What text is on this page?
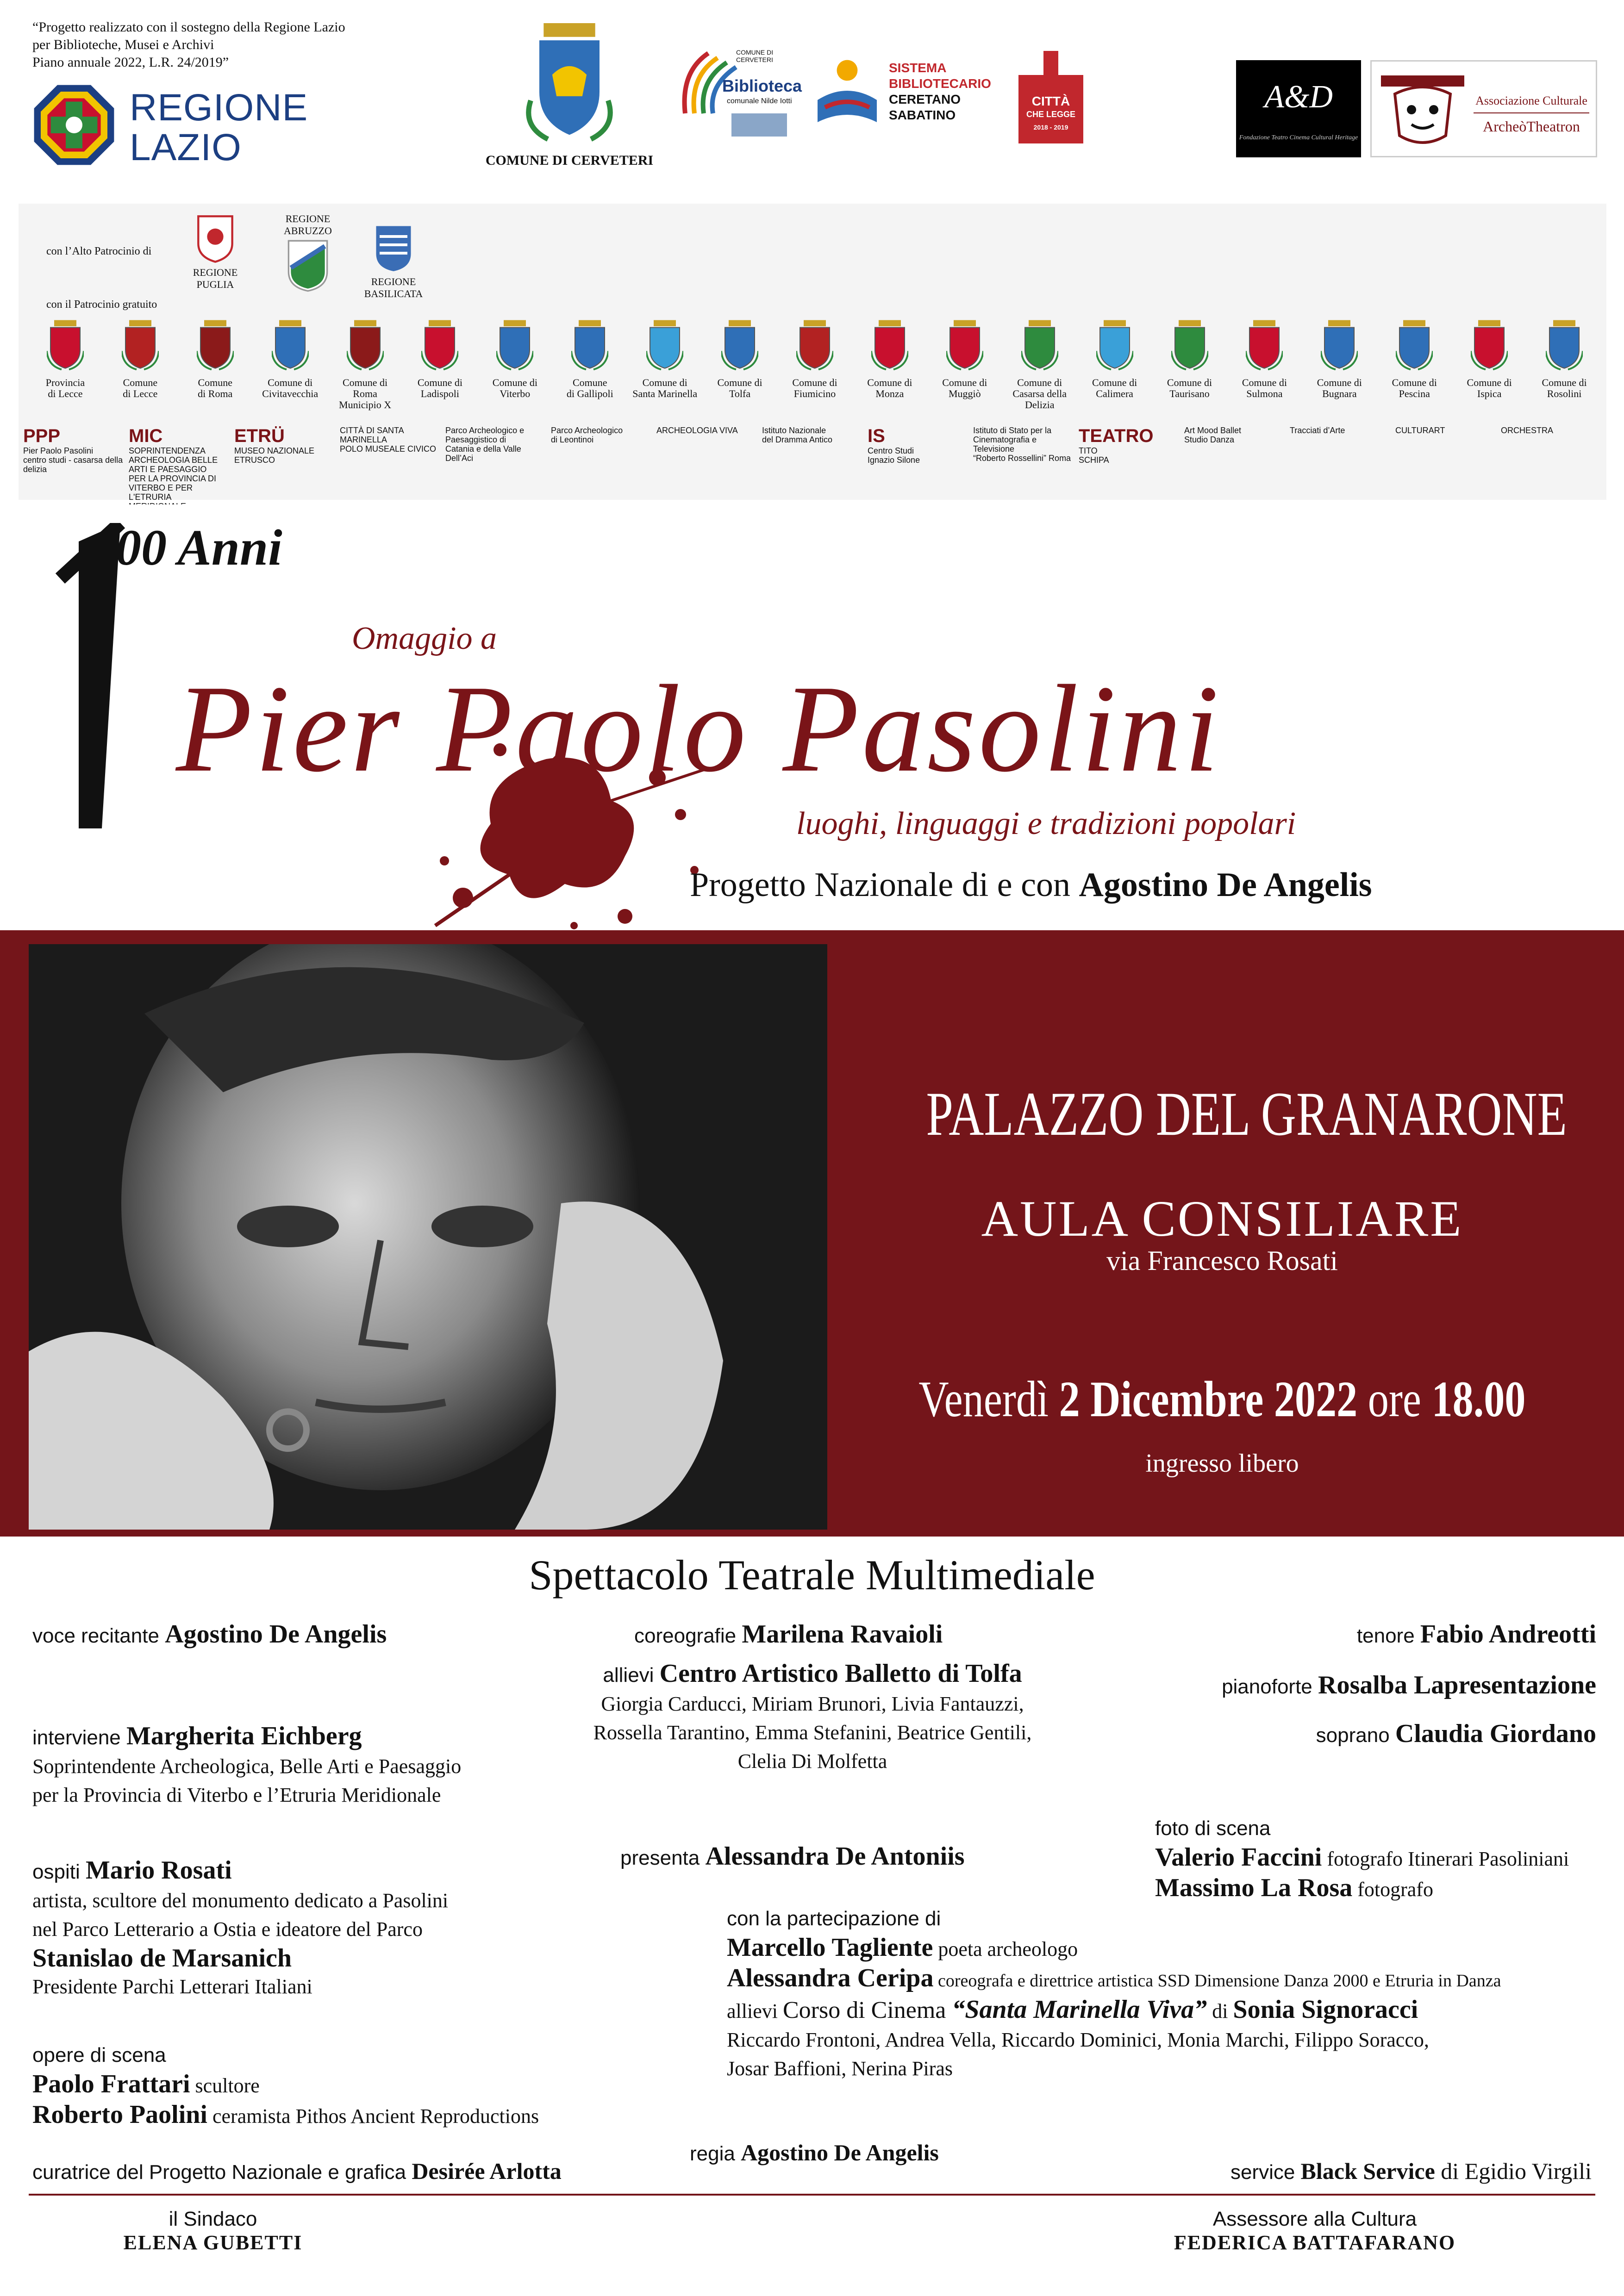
“Progetto realizzato con il sostegno della Regione Lazio
per Biblioteche, Musei e Archivi
Piano annuale 2022, L.R. 24/2019”
REGIONE
LAZIO	COMUNE DI CERVETERI
COMUNE DI CERVETERI
Biblioteca
comunale Nilde Iotti
SISTEMA
BIBLIOTECARIO
CERETANO
SABATINO
CITTÀ
CHE LEGGE
2018 - 2019
A&D
Fondazione Teatro Cinema Cultural Heritage
ARCHEOTHEATRON
Associazione Culturale
ArcheòTheatron
con l’Alto Patrocinio di
con il Patrocinio gratuito
REGIONE PUGLIA
REGIONE ABRUZZO
REGIONE BASILICATA
Provincia
di Lecce
Comune
di Lecce
Comune
di Roma
Comune di
Civitavecchia
Comune di Roma
Municipio X
Comune di
Ladispoli
Comune di
Viterbo
Comune
di Gallipoli
Comune di
Santa Marinella
Comune di
Tolfa
Comune di
Fiumicino
Comune di
Monza
Comune di
Muggiò
Comune di
Casarsa della Delizia
Comune di
Calimera
Comune di
Taurisano
Comune di
Sulmona
Comune di
Bugnara
Comune di
Pescina
Comune di
Ispica
Comune di
Rosolini
PPP
Pier Paolo Pasolini
centro studi - casarsa della delizia
MIC
SOPRINTENDENZA ARCHEOLOGIA BELLE ARTI E PAESAGGIO
PER LA PROVINCIA DI VITERBO E PER L'ETRURIA
ETRÜ
MUSEO NAZIONALE ETRUSCO
CITTÀ DI SANTA MARINELLA
POLO MUSEALE CIVICO
Parco Archeologico e Paesaggistico di
Catania e della Valle Dell’Aci
Parco Archeologico
di Leontinoi
ARCHEOLOGIA VIVA	Istituto Nazionale
del Dramma Antico	IS
Centro Studi
Ignazio Silone
Istituto di Stato per la Cinematografia e Televisione
“Roberto Rossellini” Roma
TEATRO
TITO
SCHIPA
Art Mood Ballet
Studio Danza
Tracciati d’Arte	CULTURART	ORCHESTRA
00 Anni
Omaggio a
Pier Paolo Pasolini
luoghi, linguaggi e tradizioni popolari
Progetto Nazionale di e con Agostino De Angelis
PALAZZO DEL GRANARONE
AULA CONSILIARE
via Francesco Rosati
Venerdì 2 Dicembre 2022 ore 18.00
ingresso libero
Spettacolo Teatrale Multimediale
voce recitante Agostino De Angelis
interviene Margherita Eichberg
Soprintendente Archeologica, Belle Arti e Paesaggio
per la Provincia di Viterbo e l’Etruria Meridionale
ospiti Mario Rosati
artista, scultore del monumento dedicato a Pasolini
nel Parco Letterario a Ostia e ideatore del Parco
Stanislao de Marsanich
Presidente Parchi Letterari Italiani
opere di scena
Paolo Frattari scultore
Roberto Paolini ceramista Pithos Ancient Reproductions
curatrice del Progetto Nazionale e grafica Desirée Arlotta
coreografie Marilena Ravaioli
allievi Centro Artistico Balletto di Tolfa
Giorgia Carducci, Miriam Brunori, Livia Fantauzzi,
Rossella Tarantino, Emma Stefanini, Beatrice Gentili,
Clelia Di Molfetta
presenta Alessandra De Antoniis
con la partecipazione di
Marcello Tagliente poeta archeologo
Alessandra Ceripa coreografa e direttrice artistica SSD Dimensione Danza 2000 e Etruria in Danza
allievi Corso di Cinema “Santa Marinella Viva” di Sonia Signoracci
Riccardo Frontoni, Andrea Vella, Riccardo Dominici, Monia Marchi, Filippo Soracco,
Josar Baffioni, Nerina Piras
regia Agostino De Angelis
tenore Fabio Andreotti
pianoforte Rosalba Lapresentazione
soprano Claudia Giordano
foto di scena
Valerio Faccini fotografo Itinerari Pasoliniani
Massimo La Rosa fotografo
service Black Service di Egidio Virgili
il Sindaco
ELENA GUBETTI
Assessore alla Cultura
FEDERICA BATTAFARANO
